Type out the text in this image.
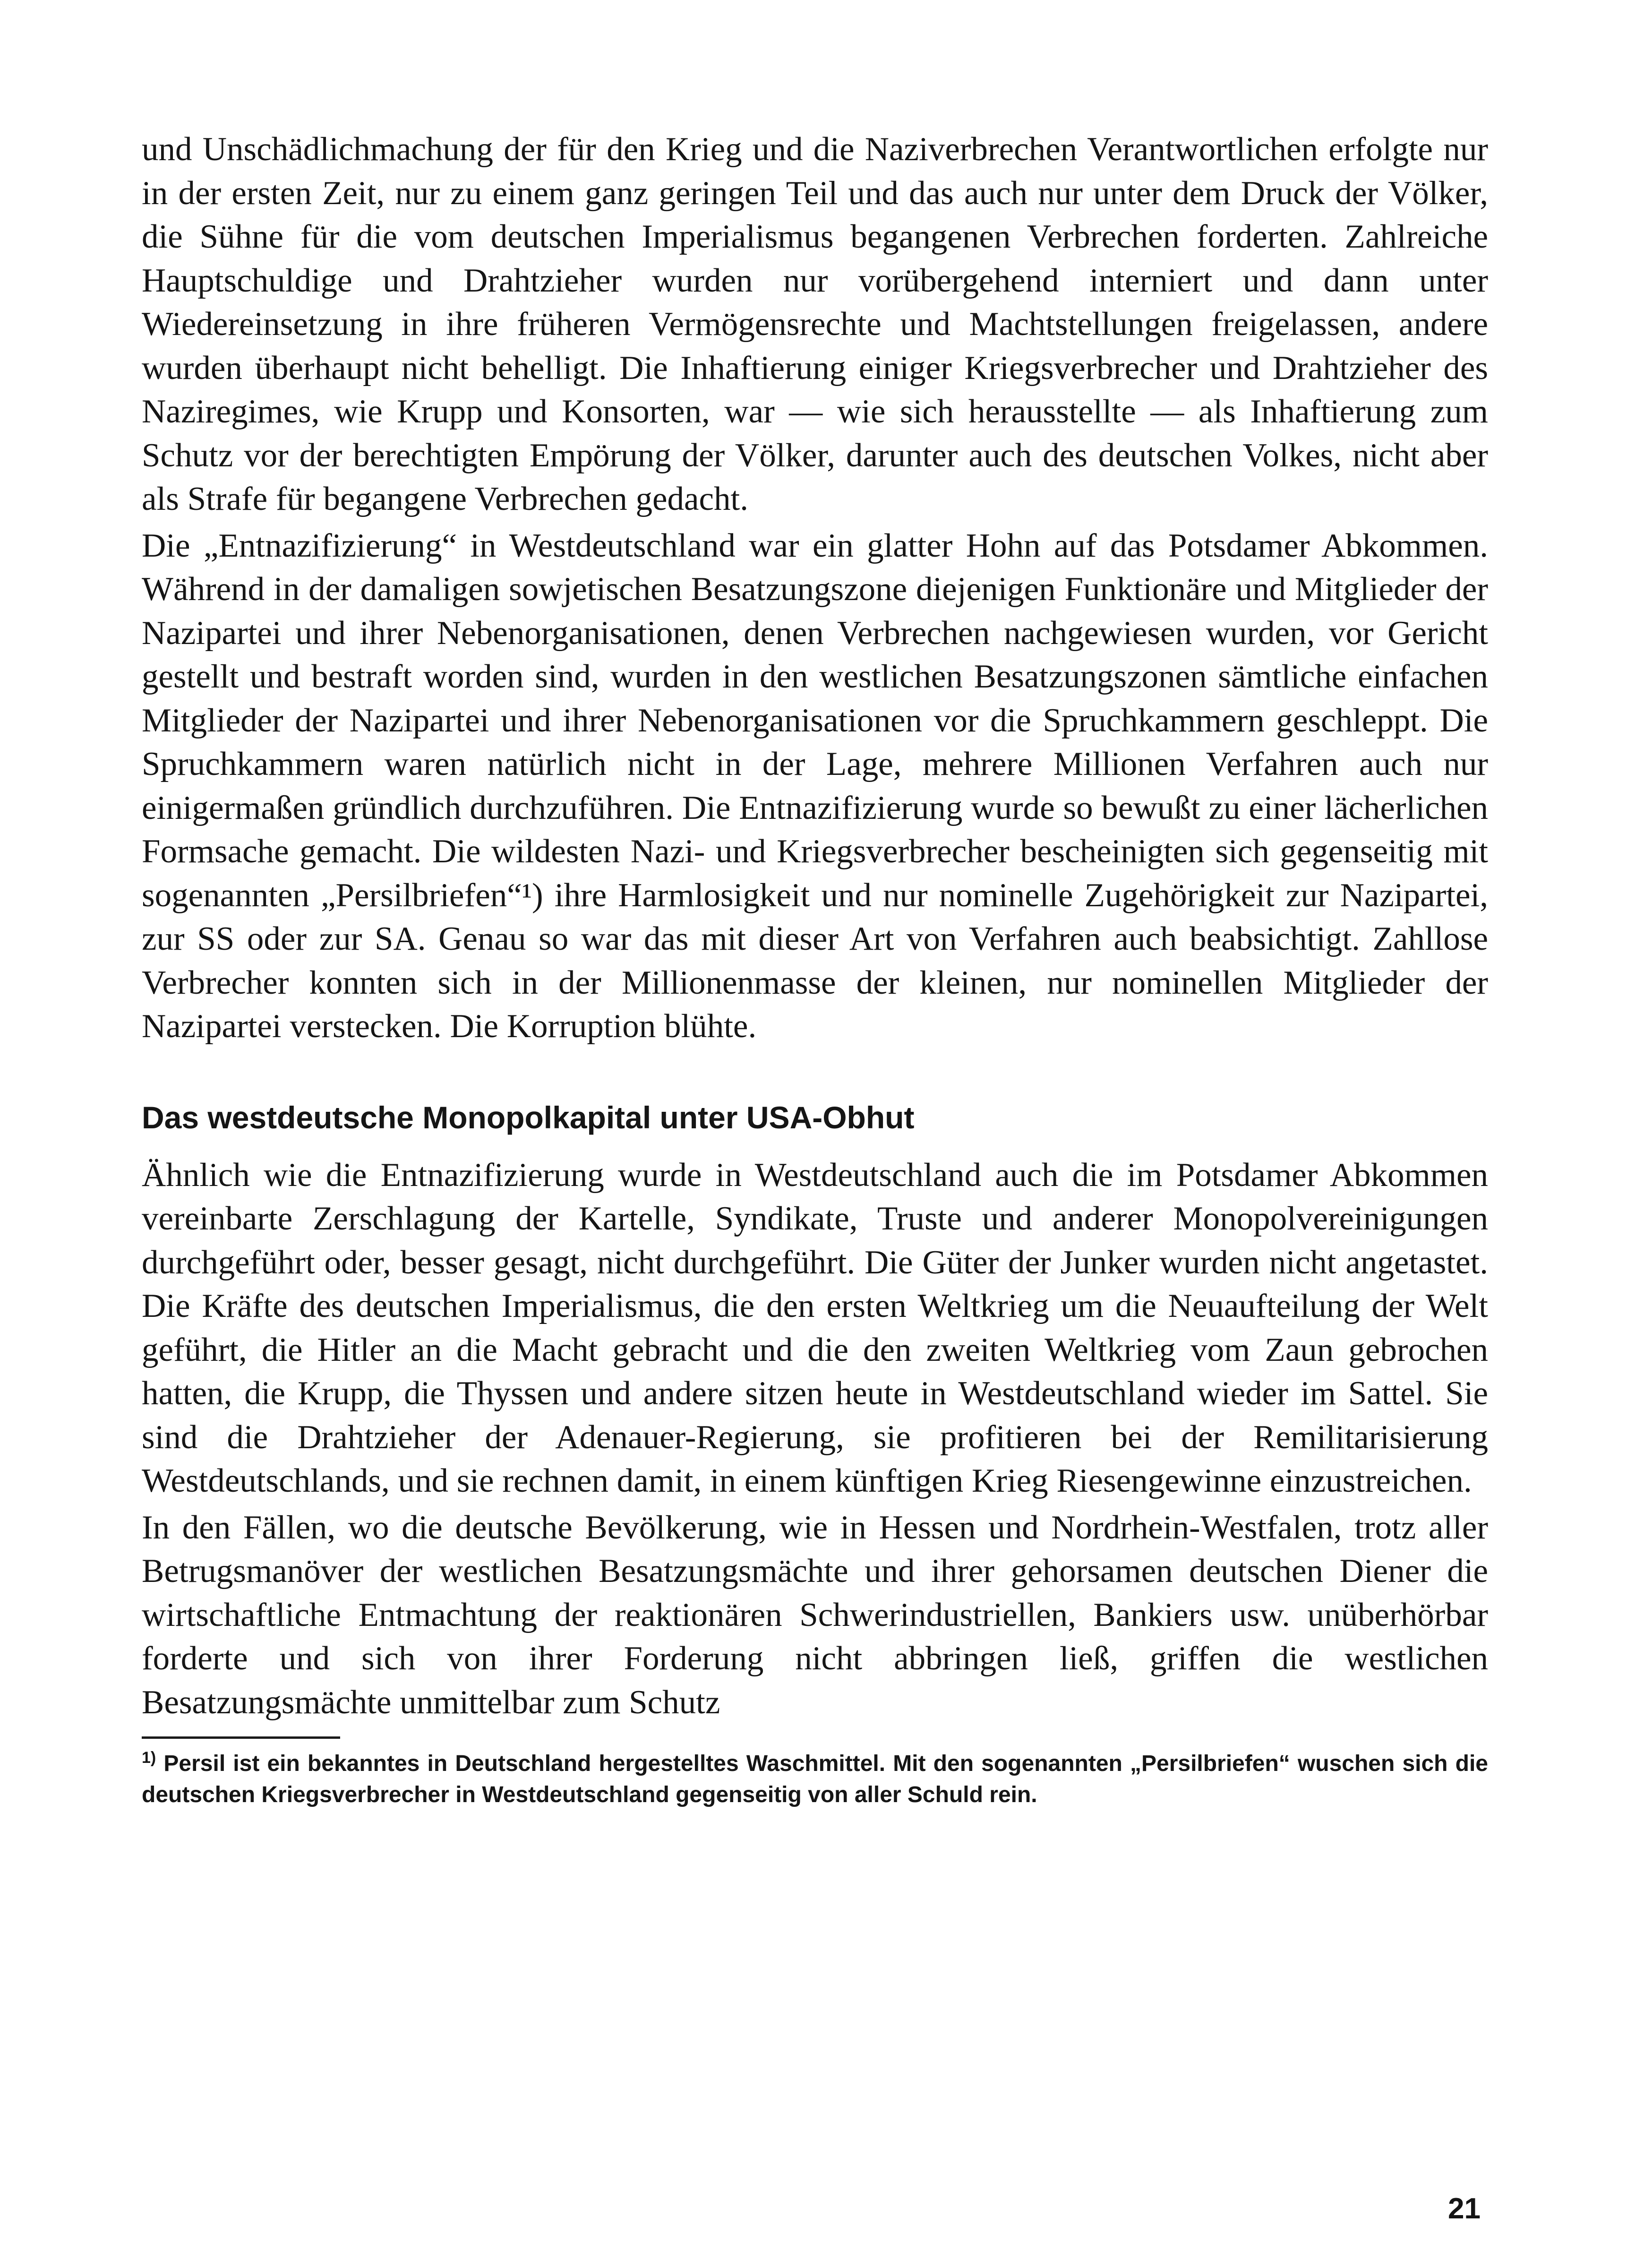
und Unschädlichmachung der für den Krieg und die Naziverbrechen Verantwortlichen erfolgte nur in der ersten Zeit, nur zu einem ganz geringen Teil und das auch nur unter dem Druck der Völker, die Sühne für die vom deutschen Imperialismus begangenen Verbrechen forderten. Zahlreiche Hauptschuldige und Drahtzieher wurden nur vorübergehend interniert und dann unter Wiedereinsetzung in ihre früheren Vermögensrechte und Machtstellungen freigelassen, andere wurden überhaupt nicht behelligt. Die Inhaftierung einiger Kriegsverbrecher und Drahtzieher des Naziregimes, wie Krupp und Konsorten, war — wie sich herausstellte — als Inhaftierung zum Schutz vor der berechtigten Empörung der Völker, darunter auch des deutschen Volkes, nicht aber als Strafe für begangene Verbrechen gedacht.

Die „Entnazifizierung“ in Westdeutschland war ein glatter Hohn auf das Potsdamer Abkommen. Während in der damaligen sowjetischen Besatzungszone diejenigen Funktionäre und Mitglieder der Nazipartei und ihrer Nebenorganisationen, denen Verbrechen nachgewiesen wurden, vor Gericht gestellt und bestraft worden sind, wurden in den westlichen Besatzungszonen sämtliche einfachen Mitglieder der Nazipartei und ihrer Nebenorganisationen vor die Spruchkammern geschleppt. Die Spruchkammern waren natürlich nicht in der Lage, mehrere Millionen Verfahren auch nur einigermaßen gründlich durchzuführen. Die Entnazifizierung wurde so bewußt zu einer lächerlichen Formsache gemacht. Die wildesten Nazi- und Kriegsverbrecher bescheinigten sich gegenseitig mit sogenannten „Persilbriefen“¹) ihre Harmlosigkeit und nur nominelle Zugehörigkeit zur Nazipartei, zur SS oder zur SA. Genau so war das mit dieser Art von Verfahren auch beabsichtigt. Zahllose Verbrecher konnten sich in der Millionenmasse der kleinen, nur nominellen Mitglieder der Nazipartei verstecken. Die Korruption blühte.

Das westdeutsche Monopolkapital unter USA-Obhut

Ähnlich wie die Entnazifizierung wurde in Westdeutschland auch die im Potsdamer Abkommen vereinbarte Zerschlagung der Kartelle, Syndikate, Truste und anderer Monopolvereinigungen durchgeführt oder, besser gesagt, nicht durchgeführt. Die Güter der Junker wurden nicht angetastet. Die Kräfte des deutschen Imperialismus, die den ersten Weltkrieg um die Neuaufteilung der Welt geführt, die Hitler an die Macht gebracht und die den zweiten Weltkrieg vom Zaun gebrochen hatten, die Krupp, die Thyssen und andere sitzen heute in Westdeutschland wieder im Sattel. Sie sind die Drahtzieher der Adenauer-Regierung, sie profitieren bei der Remilitarisierung Westdeutschlands, und sie rechnen damit, in einem künftigen Krieg Riesengewinne einzustreichen.

In den Fällen, wo die deutsche Bevölkerung, wie in Hessen und Nordrhein-Westfalen, trotz aller Betrugsmanöver der westlichen Besatzungsmächte und ihrer gehorsamen deutschen Diener die wirtschaftliche Entmachtung der reaktionären Schwerindustriellen, Bankiers usw. unüberhörbar forderte und sich von ihrer Forderung nicht abbringen ließ, griffen die westlichen Besatzungsmächte unmittelbar zum Schutz

$^{1)}$ Persil ist ein bekanntes in Deutschland hergestelltes Waschmittel. Mit den sogenannten „Persilbriefen“ wuschen sich die deutschen Kriegsverbrecher in Westdeutschland gegenseitig von aller Schuld rein.

21
